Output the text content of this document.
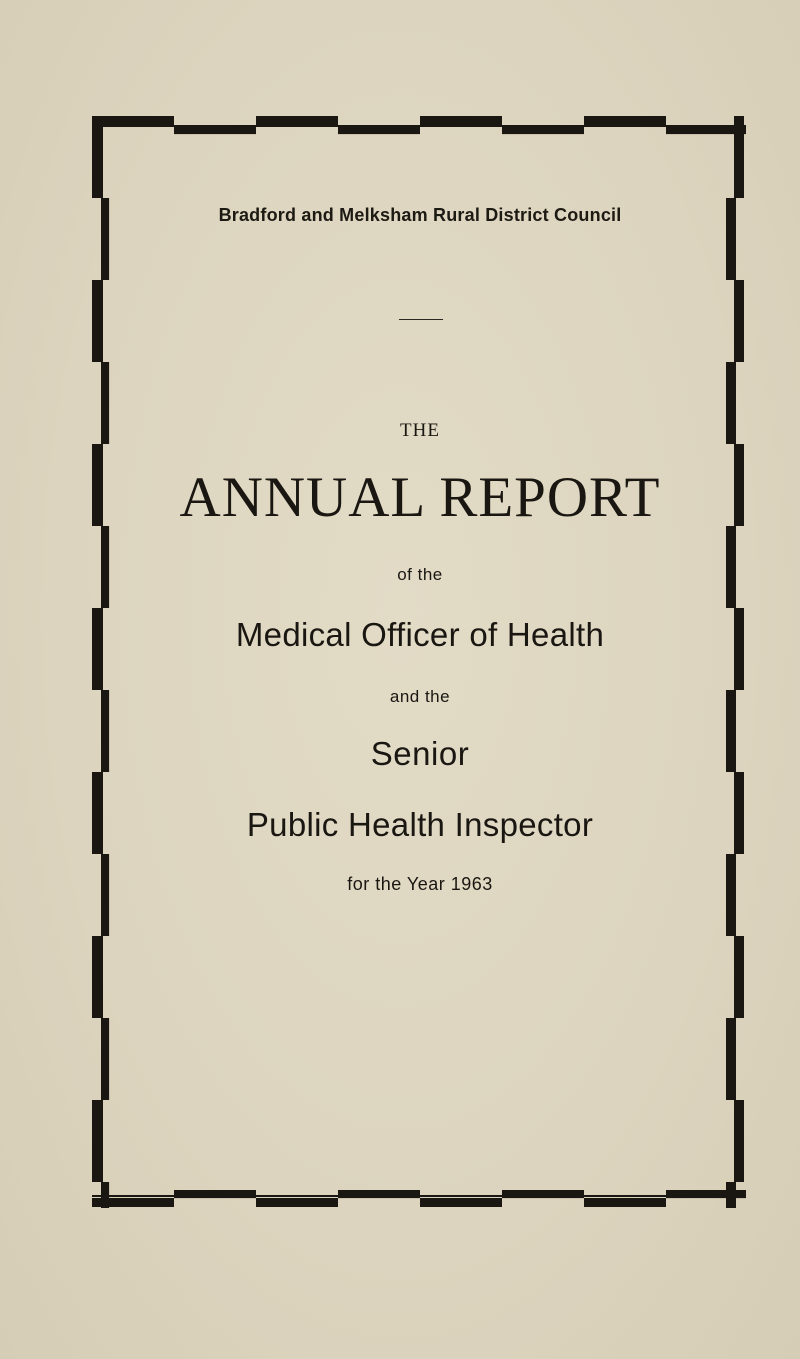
Bradford and Melksham Rural District Council
THE
ANNUAL REPORT
of the
Medical Officer of Health
and the
Senior
Public Health Inspector
for the Year 1963
